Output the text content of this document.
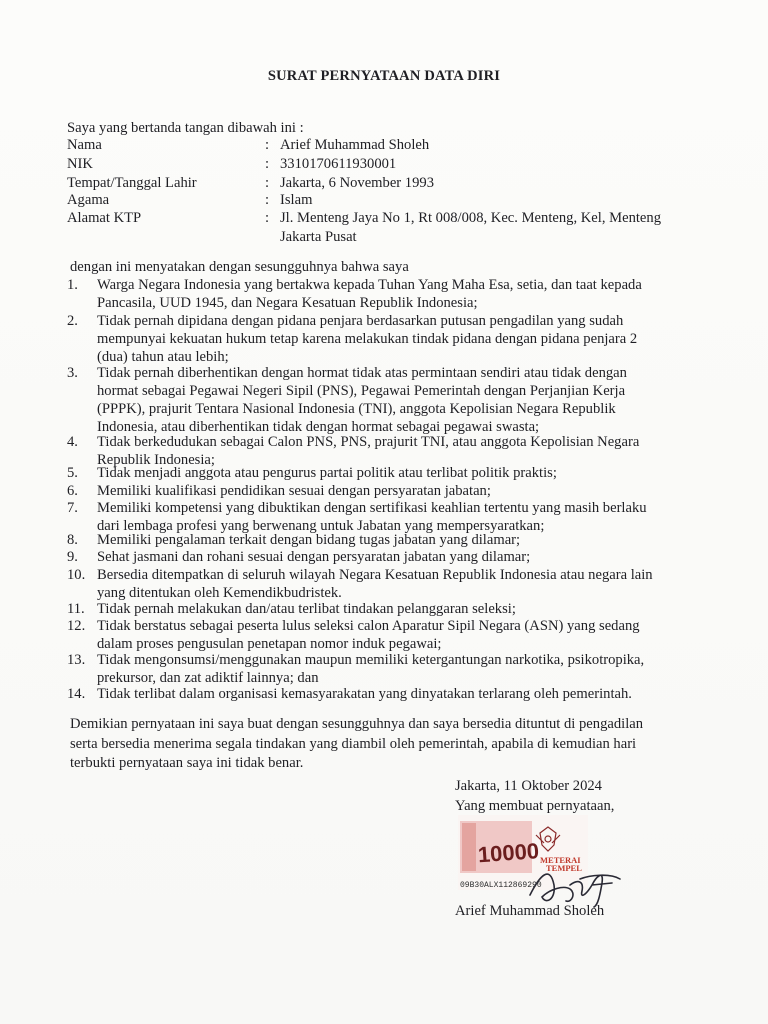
SURAT PERNYATAAN DATA DIRI
Saya yang bertanda tangan dibawah ini :
Nama	: Arief Muhammad Sholeh
NIK	: 3310170611930001
Tempat/Tanggal Lahir	: Jakarta, 6 November 1993
Agama	: Islam
Alamat KTP	: Jl. Menteng Jaya No 1, Rt 008/008, Kec. Menteng, Kel, Menteng
Jakarta Pusat
dengan ini menyatakan dengan sesungguhnya bahwa saya
1.	Warga Negara Indonesia yang bertakwa kepada Tuhan Yang Maha Esa, setia, dan taat kepada
Pancasila, UUD 1945, dan Negara Kesatuan Republik Indonesia;
2.	Tidak pernah dipidana dengan pidana penjara berdasarkan putusan pengadilan yang sudah
mempunyai kekuatan hukum tetap karena melakukan tindak pidana dengan pidana penjara 2
(dua) tahun atau lebih;
3.	Tidak pernah diberhentikan dengan hormat tidak atas permintaan sendiri atau tidak dengan
hormat sebagai Pegawai Negeri Sipil (PNS), Pegawai Pemerintah dengan Perjanjian Kerja
(PPPK), prajurit Tentara Nasional Indonesia (TNI), anggota Kepolisian Negara Republik
Indonesia, atau diberhentikan tidak dengan hormat sebagai pegawai swasta;
4.	Tidak berkedudukan sebagai Calon PNS, PNS, prajurit TNI, atau anggota Kepolisian Negara
Republik Indonesia;
5.	Tidak menjadi anggota atau pengurus partai politik atau terlibat politik praktis;
6.	Memiliki kualifikasi pendidikan sesuai dengan persyaratan jabatan;
7.	Memiliki kompetensi yang dibuktikan dengan sertifikasi keahlian tertentu yang masih berlaku
dari lembaga profesi yang berwenang untuk Jabatan yang mempersyaratkan;
8.	Memiliki pengalaman terkait dengan bidang tugas jabatan yang dilamar;
9.	Sehat jasmani dan rohani sesuai dengan persyaratan jabatan yang dilamar;
10. Bersedia ditempatkan di seluruh wilayah Negara Kesatuan Republik Indonesia atau negara lain
yang ditentukan oleh Kemendikbudristek.
11. Tidak pernah melakukan dan/atau terlibat tindakan pelanggaran seleksi;
12. Tidak berstatus sebagai peserta lulus seleksi calon Aparatur Sipil Negara (ASN) yang sedang
dalam proses pengusulan penetapan nomor induk pegawai;
13. Tidak mengonsumsi/menggunakan maupun memiliki ketergantungan narkotika, psikotropika,
prekursor, dan zat adiktif lainnya; dan
14. Tidak terlibat dalam organisasi kemasyarakatan yang dinyatakan terlarang oleh pemerintah.
Demikian pernyataan ini saya buat dengan sesungguhnya dan saya bersedia dituntut di pengadilan
serta bersedia menerima segala tindakan yang diambil oleh pemerintah, apabila di kemudian hari
terbukti pernyataan saya ini tidak benar.
Jakarta, 11 Oktober 2024
Yang membuat pernyataan,
10000 METERAI
TEMPEL
09B30ALX112869290
Arief Muhammad Sholeh
